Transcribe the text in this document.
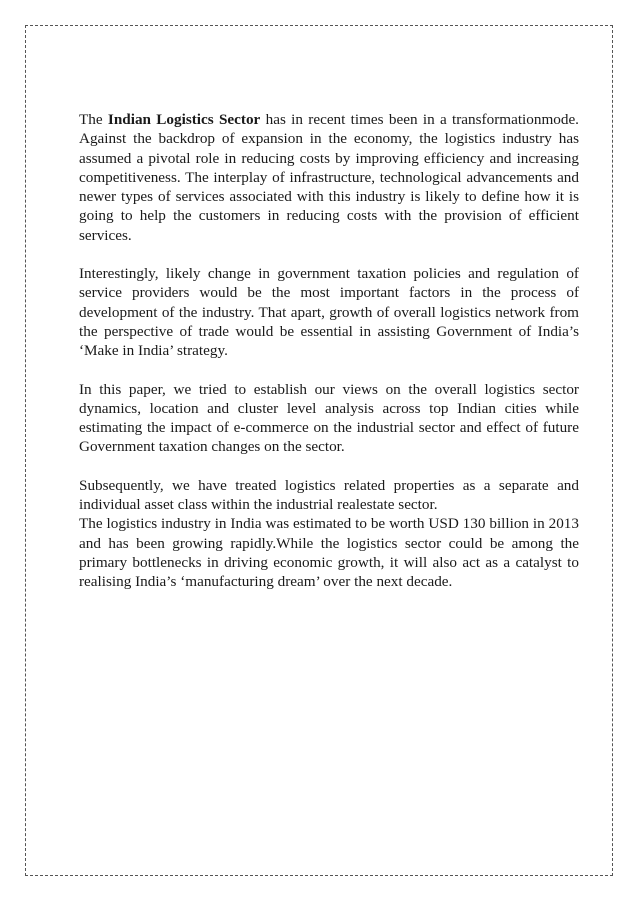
The Indian Logistics Sector has in recent times been in a transformationmode. Against the backdrop of expansion in the economy, the logistics industry has assumed a pivotal role in reducing costs by improving efficiency and increasing competitiveness. The interplay of infrastructure, technological advancements and newer types of services associated with this industry is likely to define how it is going to help the customers in reducing costs with the provision of efficient services.

Interestingly, likely change in government taxation policies and regulation of service providers would be the most important factors in the process of development of the industry. That apart, growth of overall logistics network from the perspective of trade would be essential in assisting Government of India’s ‘Make in India’ strategy.

In this paper, we tried to establish our views on the overall logistics sector dynamics, location and cluster level analysis across top Indian cities while estimating the impact of e-commerce on the industrial sector and effect of future Government taxation changes on the sector.

Subsequently, we have treated logistics related properties as a separate and individual asset class within the industrial realestate sector.

The logistics industry in India was estimated to be worth USD 130 billion in 2013 and has been growing rapidly.While the logistics sector could be among the primary bottlenecks in driving economic growth, it will also act as a catalyst to realising India’s ‘manufacturing dream’ over the next decade.
